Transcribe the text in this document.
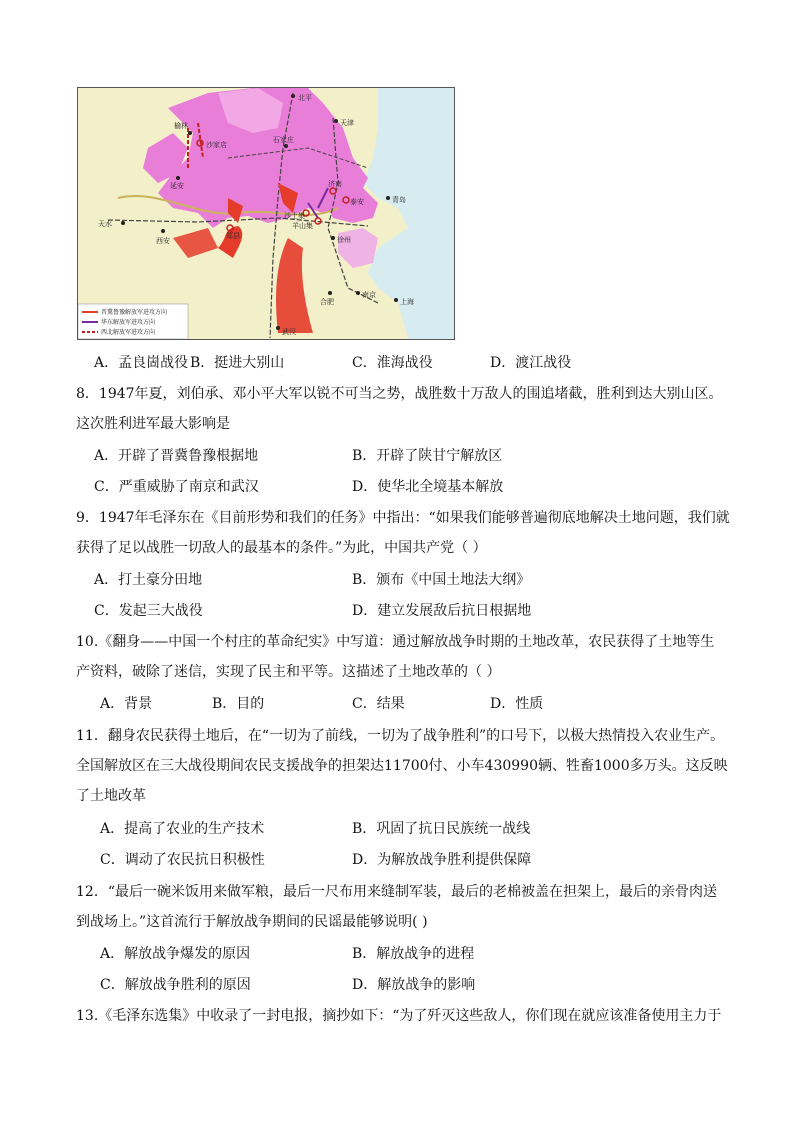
北平
天津
石家庄
榆林
沙家店
延安	济南
泰安	青岛
天水
西安
郑县
沙土集
羊山集
徐州
合肥
南京
上海
武汉
晋冀鲁豫解放军进攻方向
华东解放军进攻方向
西北解放军进攻方向
A．孟良崮战役 B．挺进大别山	C．淮海战役	D．渡江战役
8．1947年夏，刘伯承、邓小平大军以锐不可当之势，战胜数十万敌人的围追堵截，胜利到达大别山区。
这次胜利进军最大影响是
A．开辟了晋冀鲁豫根据地	B．开辟了陕甘宁解放区
C．严重威胁了南京和武汉	D．使华北全境基本解放
9．1947年毛泽东在《目前形势和我们的任务》中指出：“如果我们能够普遍彻底地解决土地问题，我们就
获得了足以战胜一切敌人的最基本的条件。”为此，中国共产党（ ）
A．打土豪分田地	B．颁布《中国土地法大纲》
C．发起三大战役	D．建立发展敌后抗日根据地
10.《翻身——中国一个村庄的革命纪实》中写道：通过解放战争时期的土地改革，农民获得了土地等生
产资料，破除了迷信，实现了民主和平等。这描述了土地改革的（ ）
A．背景	B．目的	C．结果	D．性质
11．翻身农民获得土地后，在“一切为了前线，一切为了战争胜利”的口号下，以极大热情投入农业生产。
全国解放区在三大战役期间农民支援战争的担架达11700付、小车430990辆、牲畜1000多万头。这反映
了土地改革
A．提高了农业的生产技术	B．巩固了抗日民族统一战线
C．调动了农民抗日积极性	D．为解放战争胜利提供保障
12．“最后一碗米饭用来做军粮，最后一尺布用来缝制军装，最后的老棉被盖在担架上，最后的亲骨肉送
到战场上。”这首流行于解放战争期间的民谣最能够说明( )
A．解放战争爆发的原因	B．解放战争的进程
C．解放战争胜利的原因	D．解放战争的影响
13.《毛泽东选集》中收录了一封电报，摘抄如下：“为了歼灭这些敌人，你们现在就应该准备使用主力于
